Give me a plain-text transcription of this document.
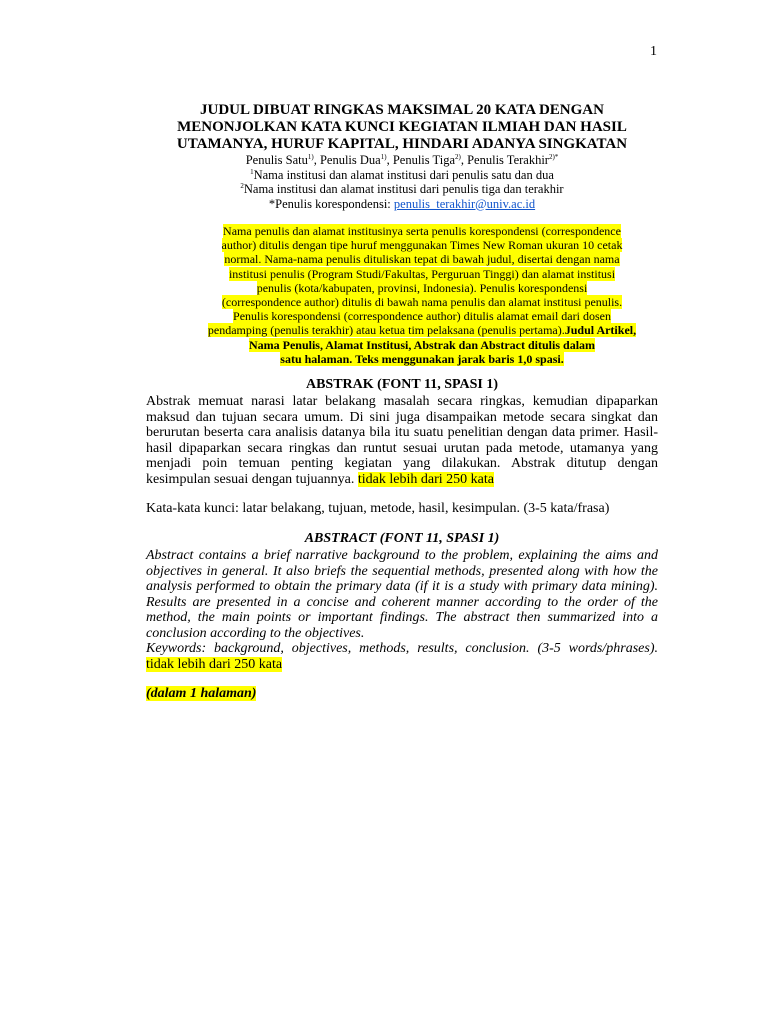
1
JUDUL DIBUAT RINGKAS MAKSIMAL 20 KATA DENGAN
MENONJOLKAN KATA KUNCI KEGIATAN ILMIAH DAN HASIL
UTAMANYA, HURUF KAPITAL, HINDARI ADANYA SINGKATAN
Penulis Satu$^{1)}$, Penulis Dua$^{1)}$, Penulis Tiga$^{2)}$, Penulis Terakhir$^{2)*}$
$^1$Nama institusi dan alamat institusi dari penulis satu dan dua
$^2$Nama institusi dan alamat institusi dari penulis tiga dan terakhir
*Penulis korespondensi: penulis_terakhir@univ.ac.id
Nama penulis dan alamat institusinya serta penulis korespondensi (correspondence
author) ditulis dengan tipe huruf menggunakan Times New Roman ukuran 10 cetak
normal. Nama-nama penulis dituliskan tepat di bawah judul, disertai dengan nama
institusi penulis (Program Studi/Fakultas, Perguruan Tinggi) dan alamat institusi
penulis (kota/kabupaten, provinsi, Indonesia). Penulis korespondensi
(correspondence author) ditulis di bawah nama penulis dan alamat institusi penulis.
Penulis korespondensi (correspondence author) ditulis alamat email dari dosen
pendamping (penulis terakhir) atau ketua tim pelaksana (penulis pertama).Judul Artikel,
Nama Penulis, Alamat Institusi, Abstrak dan Abstract ditulis dalam
satu halaman. Teks menggunakan jarak baris 1,0 spasi.
ABSTRAK (FONT 11, SPASI 1)
Abstrak memuat narasi latar belakang masalah secara ringkas, kemudian dipaparkan
maksud dan tujuan secara umum. Di sini juga disampaikan metode secara singkat dan
berurutan beserta cara analisis datanya bila itu suatu penelitian dengan data primer. Hasil-
hasil dipaparkan secara ringkas dan runtut sesuai urutan pada metode, utamanya yang
menjadi poin temuan penting kegiatan yang dilakukan. Abstrak ditutup dengan
kesimpulan sesuai dengan tujuannya. tidak lebih dari 250 kata
Kata-kata kunci: latar belakang, tujuan, metode, hasil, kesimpulan. (3-5 kata/frasa)
ABSTRACT (FONT 11, SPASI 1)
Abstract contains a brief narrative background to the problem, explaining the aims and
objectives in general. It also briefs the sequential methods, presented along with how the
analysis performed to obtain the primary data (if it is a study with primary data mining).
Results are presented in a concise and coherent manner according to the order of the
method, the main points or important findings. The abstract then summarized into a
conclusion according to the objectives.
Keywords: background, objectives, methods, results, conclusion. (3-5 words/phrases).
tidak lebih dari 250 kata
(dalam 1 halaman)
